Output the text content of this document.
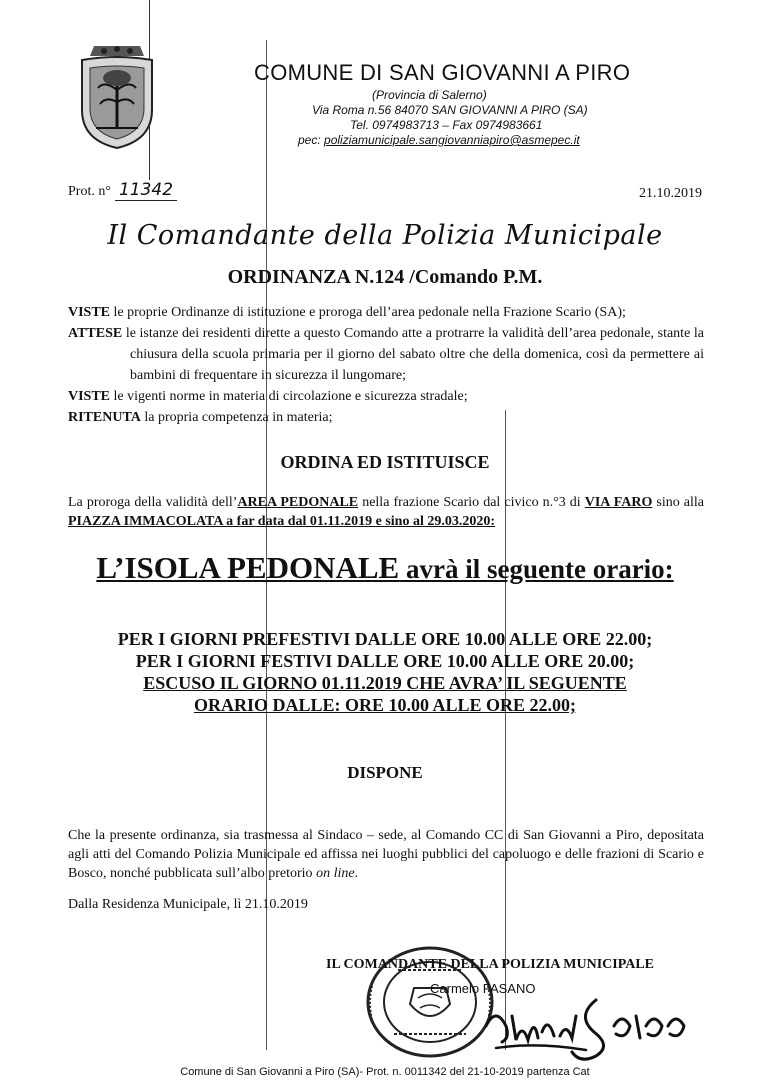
COMUNE DI SAN GIOVANNI A PIRO
(Provincia di Salerno)
Via Roma n.56 84070 SAN GIOVANNI A PIRO (SA)
Tel. 0974983713 – Fax 0974983661
pec: poliziamunicipale.sangiovanniapiro@asmepec.it
Prot. n° 11342	21.10.2019
Il Comandante della Polizia Municipale
ORDINANZA N.124 /Comando P.M.

VISTE le proprie Ordinanze di istituzione e proroga dell’area pedonale nella Frazione Scario (SA);

ATTESE le istanze dei residenti dirette a questo Comando atte a protrarre la validità dell’area pedonale, stante la chiusura della scuola primaria per il giorno del sabato oltre che della domenica, così da permettere ai bambini di frequentare in sicurezza il lungomare;

VISTE le vigenti norme in materia di circolazione e sicurezza stradale;

RITENUTA la propria competenza in materia;

ORDINA ED ISTITUISCE
La proroga della validità dell’AREA PEDONALE nella frazione Scario dal civico n.°3 di VIA FARO sino alla PIAZZA IMMACOLATA a far data dal 01.11.2019 e sino al 29.03.2020:
L’ISOLA PEDONALE avrà il seguente orario:
PER I GIORNI PREFESTIVI DALLE ORE 10.00 ALLE ORE 22.00;
PER I GIORNI FESTIVI DALLE ORE 10.00 ALLE ORE 20.00;
ESCUSO IL GIORNO 01.11.2019 CHE AVRA’ IL SEGUENTE
ORARIO DALLE: ORE 10.00 ALLE ORE 22.00;
DISPONE
Che la presente ordinanza, sia trasmessa al Sindaco – sede, al Comando CC di San Giovanni a Piro, depositata agli atti del Comando Polizia Municipale ed affissa nei luoghi pubblici del capoluogo e delle frazioni di Scario e Bosco, nonché pubblicata sull’albo pretorio on line.
Dalla Residenza Municipale, lì 21.10.2019
IL COMANDANTE DELLA POLIZIA MUNICIPALE
Carmelo FASANO
Comune di San Giovanni a Piro (SA)- Prot. n. 0011342 del 21-10-2019 partenza Cat
